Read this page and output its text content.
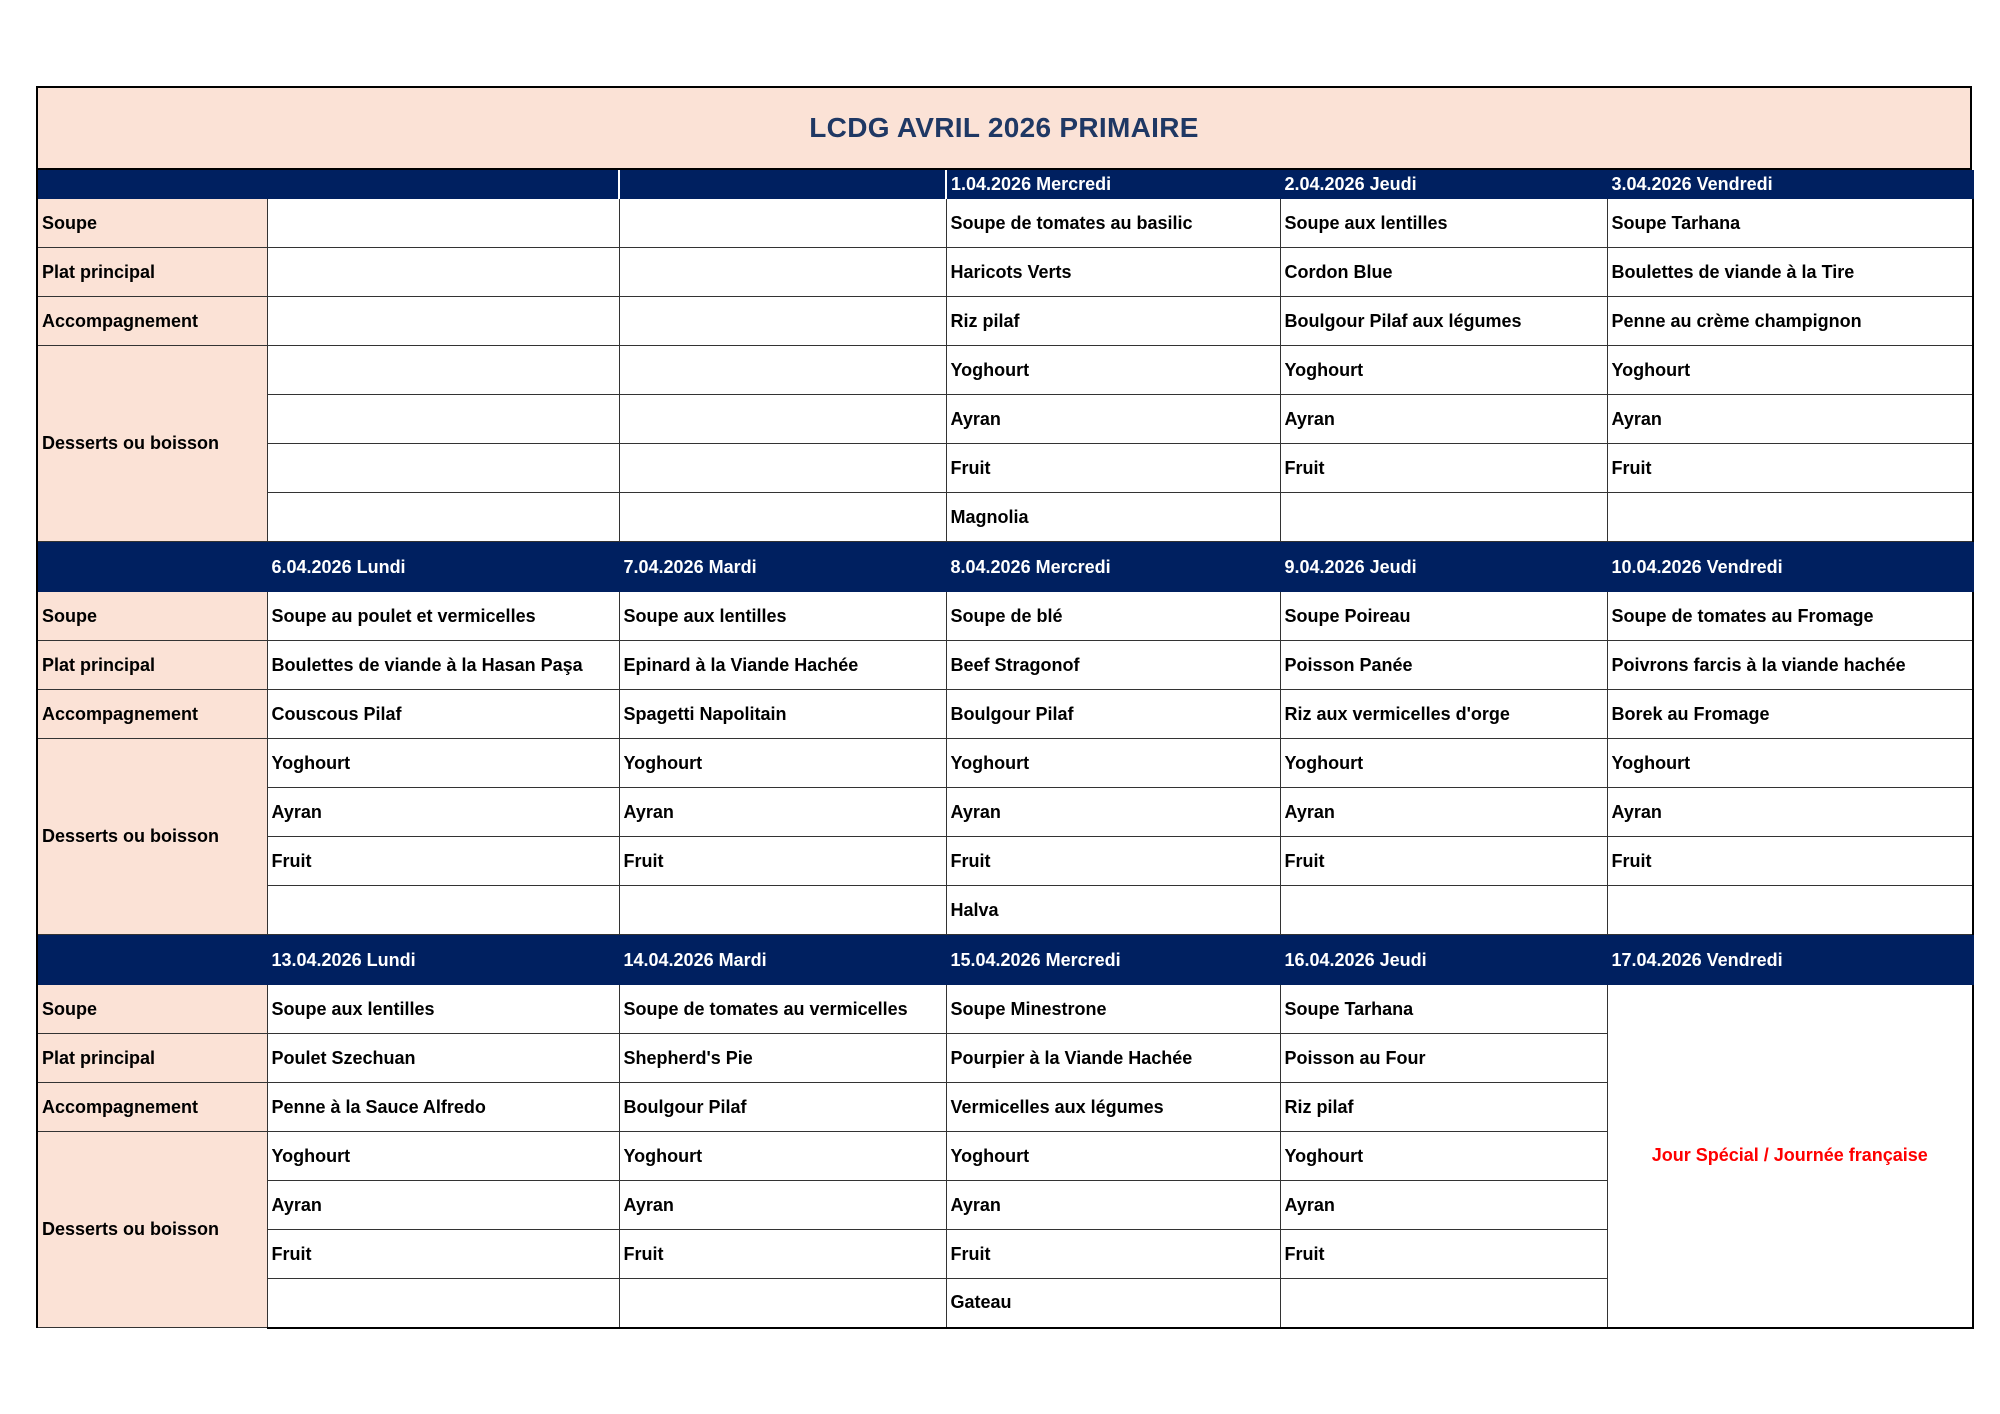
LCDG AVRIL 2026 PRIMAIRE
			1.04.2026 Mercredi	2.04.2026 Jeudi	3.04.2026 Vendredi
Soupe			Soupe de tomates au basilic	Soupe aux lentilles	Soupe Tarhana
Plat principal			Haricots Verts	Cordon Blue	Boulettes de viande à la Tire
Accompagnement			Riz pilaf	Boulgour Pilaf aux légumes	Penne au crème champignon
Desserts ou boisson			Yoghourt	Yoghourt	Yoghourt
			Ayran	Ayran	Ayran
			Fruit	Fruit	Fruit
			Magnolia		
	6.04.2026 Lundi	7.04.2026 Mardi	8.04.2026 Mercredi	9.04.2026 Jeudi	10.04.2026 Vendredi
Soupe	Soupe au poulet et vermicelles	Soupe aux lentilles	Soupe de blé	Soupe Poireau	Soupe de tomates au Fromage
Plat principal	Boulettes de viande à la Hasan Paşa	Epinard à la Viande Hachée	Beef Stragonof	Poisson Panée	Poivrons farcis à la viande hachée
Accompagnement	Couscous Pilaf	Spagetti Napolitain	Boulgour Pilaf	Riz aux vermicelles d'orge	Borek au Fromage
Desserts ou boisson	Yoghourt	Yoghourt	Yoghourt	Yoghourt	Yoghourt
	Ayran	Ayran	Ayran	Ayran	Ayran
	Fruit	Fruit	Fruit	Fruit	Fruit
			Halva		
	13.04.2026 Lundi	14.04.2026 Mardi	15.04.2026 Mercredi	16.04.2026 Jeudi	17.04.2026 Vendredi
Soupe	Soupe aux lentilles	Soupe de tomates au vermicelles	Soupe Minestrone	Soupe Tarhana	Jour Spécial / Journée française
Plat principal	Poulet Szechuan	Shepherd's Pie	Pourpier à la Viande Hachée	Poisson au Four	
Accompagnement	Penne à la Sauce Alfredo	Boulgour Pilaf	Vermicelles aux légumes	Riz pilaf	
Desserts ou boisson	Yoghourt	Yoghourt	Yoghourt	Yoghourt	
	Ayran	Ayran	Ayran	Ayran	
	Fruit	Fruit	Fruit	Fruit	
			Gateau		
